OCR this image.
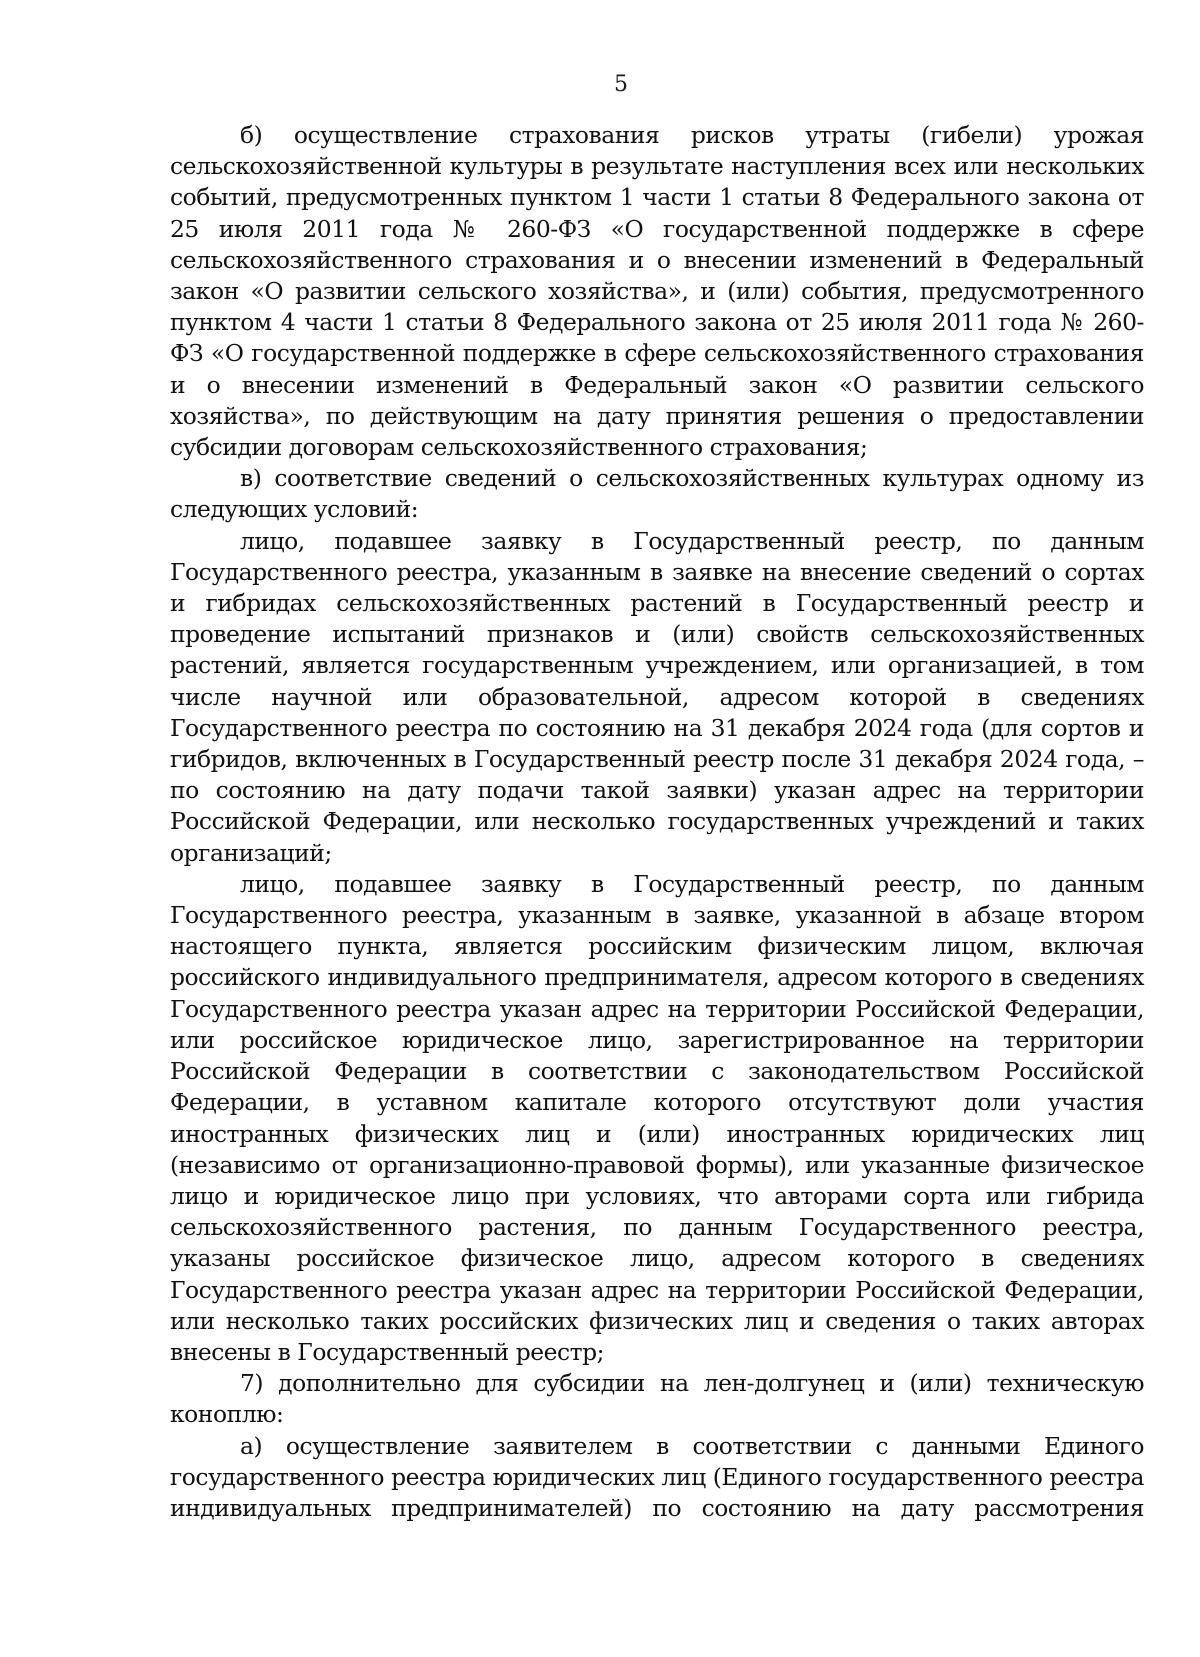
5

б) осуществление страхования рисков утраты (гибели) урожая сельскохозяйственной культуры в результате наступления всех или нескольких событий, предусмотренных пунктом 1 части 1 статьи 8 Федерального закона от 25 июля 2011 года № 260-ФЗ «О государственной поддержке в сфере сельскохозяйственного страхования и о внесении изменений в Федеральный закон «О развитии сельского хозяйства», и (или) события, предусмотренного пунктом 4 части 1 статьи 8 Федерального закона от 25 июля 2011 года № 260-ФЗ «О государственной поддержке в сфере сельскохозяйственного страхования и о внесении изменений в Федеральный закон «О развитии сельского хозяйства», по действующим на дату принятия решения о предоставлении субсидии договорам сельскохозяйственного страхования;

в) соответствие сведений о сельскохозяйственных культурах одному из следующих условий:

лицо, подавшее заявку в Государственный реестр, по данным Государственного реестра, указанным в заявке на внесение сведений о сортах и гибридах сельскохозяйственных растений в Государственный реестр и проведение испытаний признаков и (или) свойств сельскохозяйственных растений, является государственным учреждением, или организацией, в том числе научной или образовательной, адресом которой в сведениях Государственного реестра по состоянию на 31 декабря 2024 года (для сортов и гибридов, включенных в Государственный реестр после 31 декабря 2024 года, – по состоянию на дату подачи такой заявки) указан адрес на территории Российской Федерации, или несколько государственных учреждений и таких организаций;

лицо, подавшее заявку в Государственный реестр, по данным Государственного реестра, указанным в заявке, указанной в абзаце втором настоящего пункта, является российским физическим лицом, включая российского индивидуального предпринимателя, адресом которого в сведениях Государственного реестра указан адрес на территории Российской Федерации, или российское юридическое лицо, зарегистрированное на территории Российской Федерации в соответствии с законодательством Российской Федерации, в уставном капитале которого отсутствуют доли участия иностранных физических лиц и (или) иностранных юридических лиц (независимо от организационно-правовой формы), или указанные физическое лицо и юридическое лицо при условиях, что авторами сорта или гибрида сельскохозяйственного растения, по данным Государственного реестра, указаны российское физическое лицо, адресом которого в сведениях Государственного реестра указан адрес на территории Российской Федерации, или несколько таких российских физических лиц и сведения о таких авторах внесены в Государственный реестр;

7) дополнительно для субсидии на лен-долгунец и (или) техническую коноплю:

а) осуществление заявителем в соответствии с данными Единого государственного реестра юридических лиц (Единого государственного реестра индивидуальных предпринимателей) по состоянию на дату рассмотрения
